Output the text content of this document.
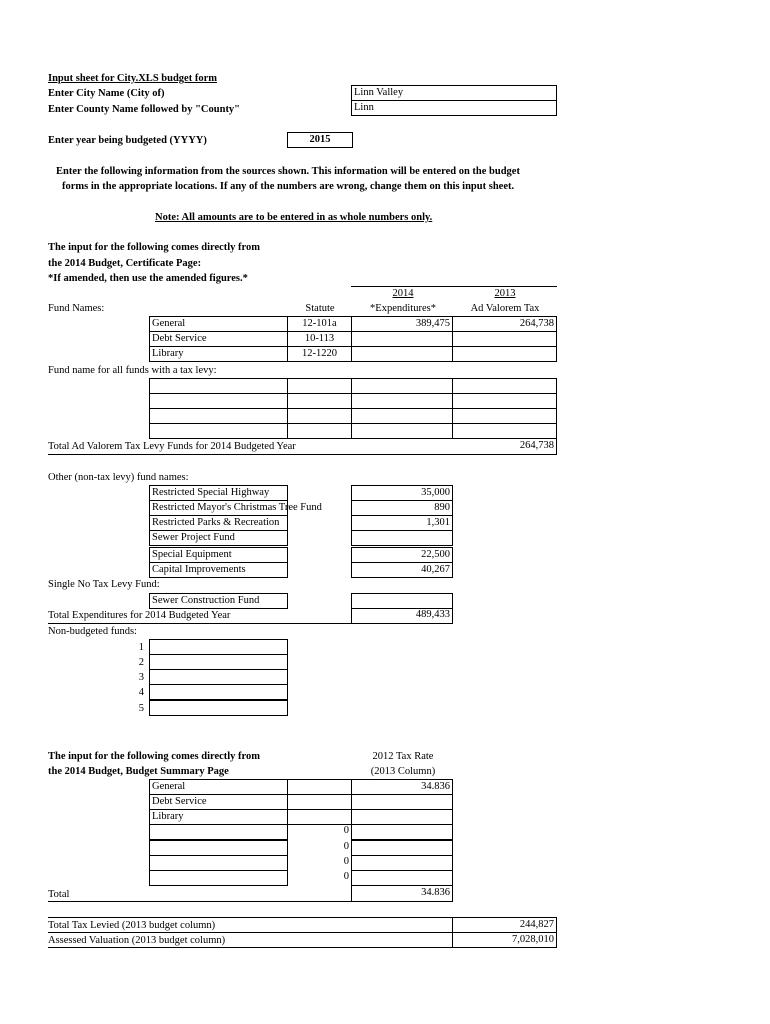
Input sheet for City.XLS budget form
Enter City Name (City of)
Enter County Name followed by "County"
Linn Valley
Linn
Enter year being budgeted (YYYY)	2015
Enter the following information from the sources shown. This information will be entered on the budget
forms in the appropriate locations. If any of the numbers are wrong, change them on this input sheet.
Note: All amounts are to be entered in as whole numbers only.
The input for the following comes directly from
the 2014 Budget, Certificate Page:
*If amended, then use the amended figures.*
2014	2013
Fund Names:	Statute	*Expenditures*	Ad Valorem Tax
General	12-101a	389,475	264,738
Debt Service	10-113
Library	12-1220
Fund name for all funds with a tax levy:
Total Ad Valorem Tax Levy Funds for 2014 Budgeted Year	264,738
Other (non-tax levy) fund names:
Restricted Special Highway	35,000
Restricted Mayor's Christmas Tree Fund	890
Restricted Parks & Recreation	1,301
Sewer Project Fund
Special Equipment	22,500
Capital Improvements	40,267
Single No Tax Levy Fund:
Sewer Construction Fund
Total Expenditures for 2014 Budgeted Year	489,433
Non-budgeted funds:
1
2
3
4
5
The input for the following comes directly from
the 2014 Budget, Budget Summary Page
2012 Tax Rate
(2013 Column)
General	34.836
Debt Service
Library
0
0
0
0
Total	34.836
Total Tax Levied (2013 budget column)	244,827
Assessed Valuation (2013 budget column)	7,028,010
